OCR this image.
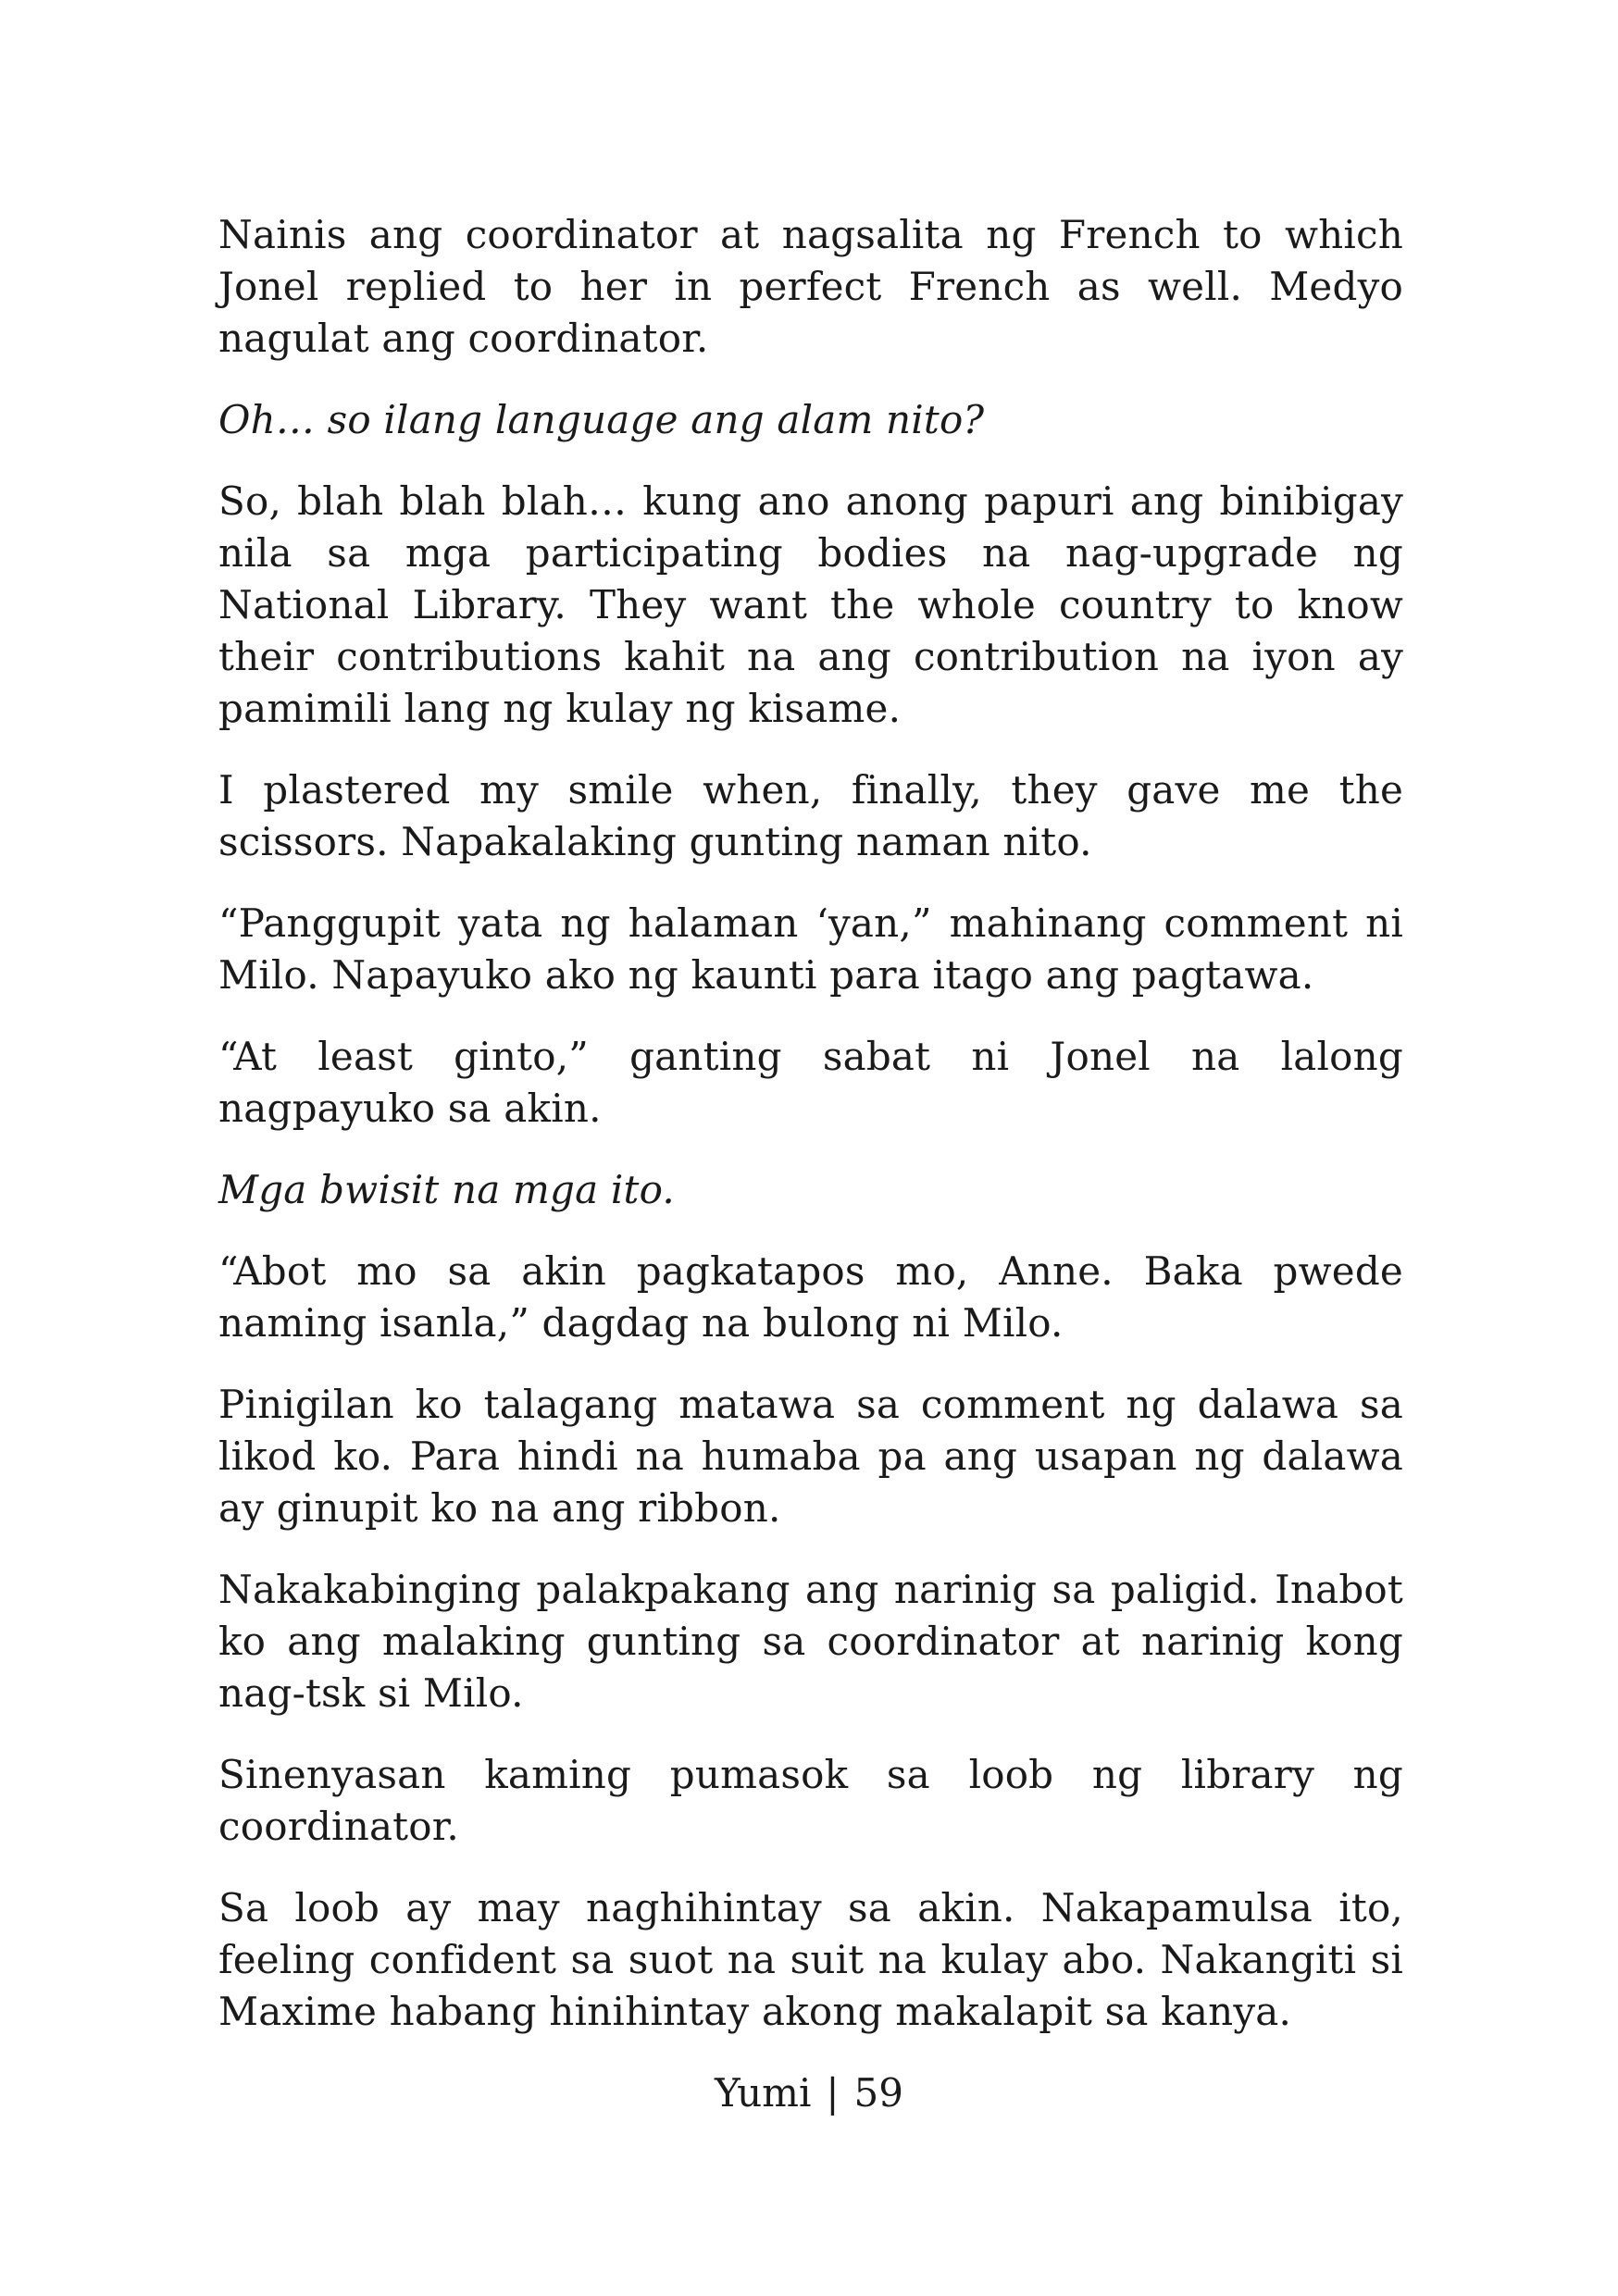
Nainis ang coordinator at nagsalita ng French to which Jonel replied to her in perfect French as well. Medyo nagulat ang coordinator.

Oh… so ilang language ang alam nito?

So, blah blah blah… kung ano anong papuri ang binibigay nila sa mga participating bodies na nag-upgrade ng National Library. They want the whole country to know their contributions kahit na ang contribution na iyon ay pamimili lang ng kulay ng kisame.

I plastered my smile when, finally, they gave me the scissors. Napakalaking gunting naman nito.

“Panggupit yata ng halaman ‘yan,” mahinang comment ni Milo. Napayuko ako ng kaunti para itago ang pagtawa.

“At least ginto,” ganting sabat ni Jonel na lalong nagpayuko sa akin.

Mga bwisit na mga ito.

“Abot mo sa akin pagkatapos mo, Anne. Baka pwede naming isanla,” dagdag na bulong ni Milo.

Pinigilan ko talagang matawa sa comment ng dalawa sa likod ko. Para hindi na humaba pa ang usapan ng dalawa ay ginupit ko na ang ribbon.

Nakakabinging palakpakang ang narinig sa paligid. Inabot ko ang malaking gunting sa coordinator at narinig kong nag-tsk si Milo.

Sinenyasan kaming pumasok sa loob ng library ng coordinator.

Sa loob ay may naghihintay sa akin. Nakapamulsa ito, feeling confident sa suot na suit na kulay abo. Nakangiti si Maxime habang hinihintay akong makalapit sa kanya.

Yumi | 59
